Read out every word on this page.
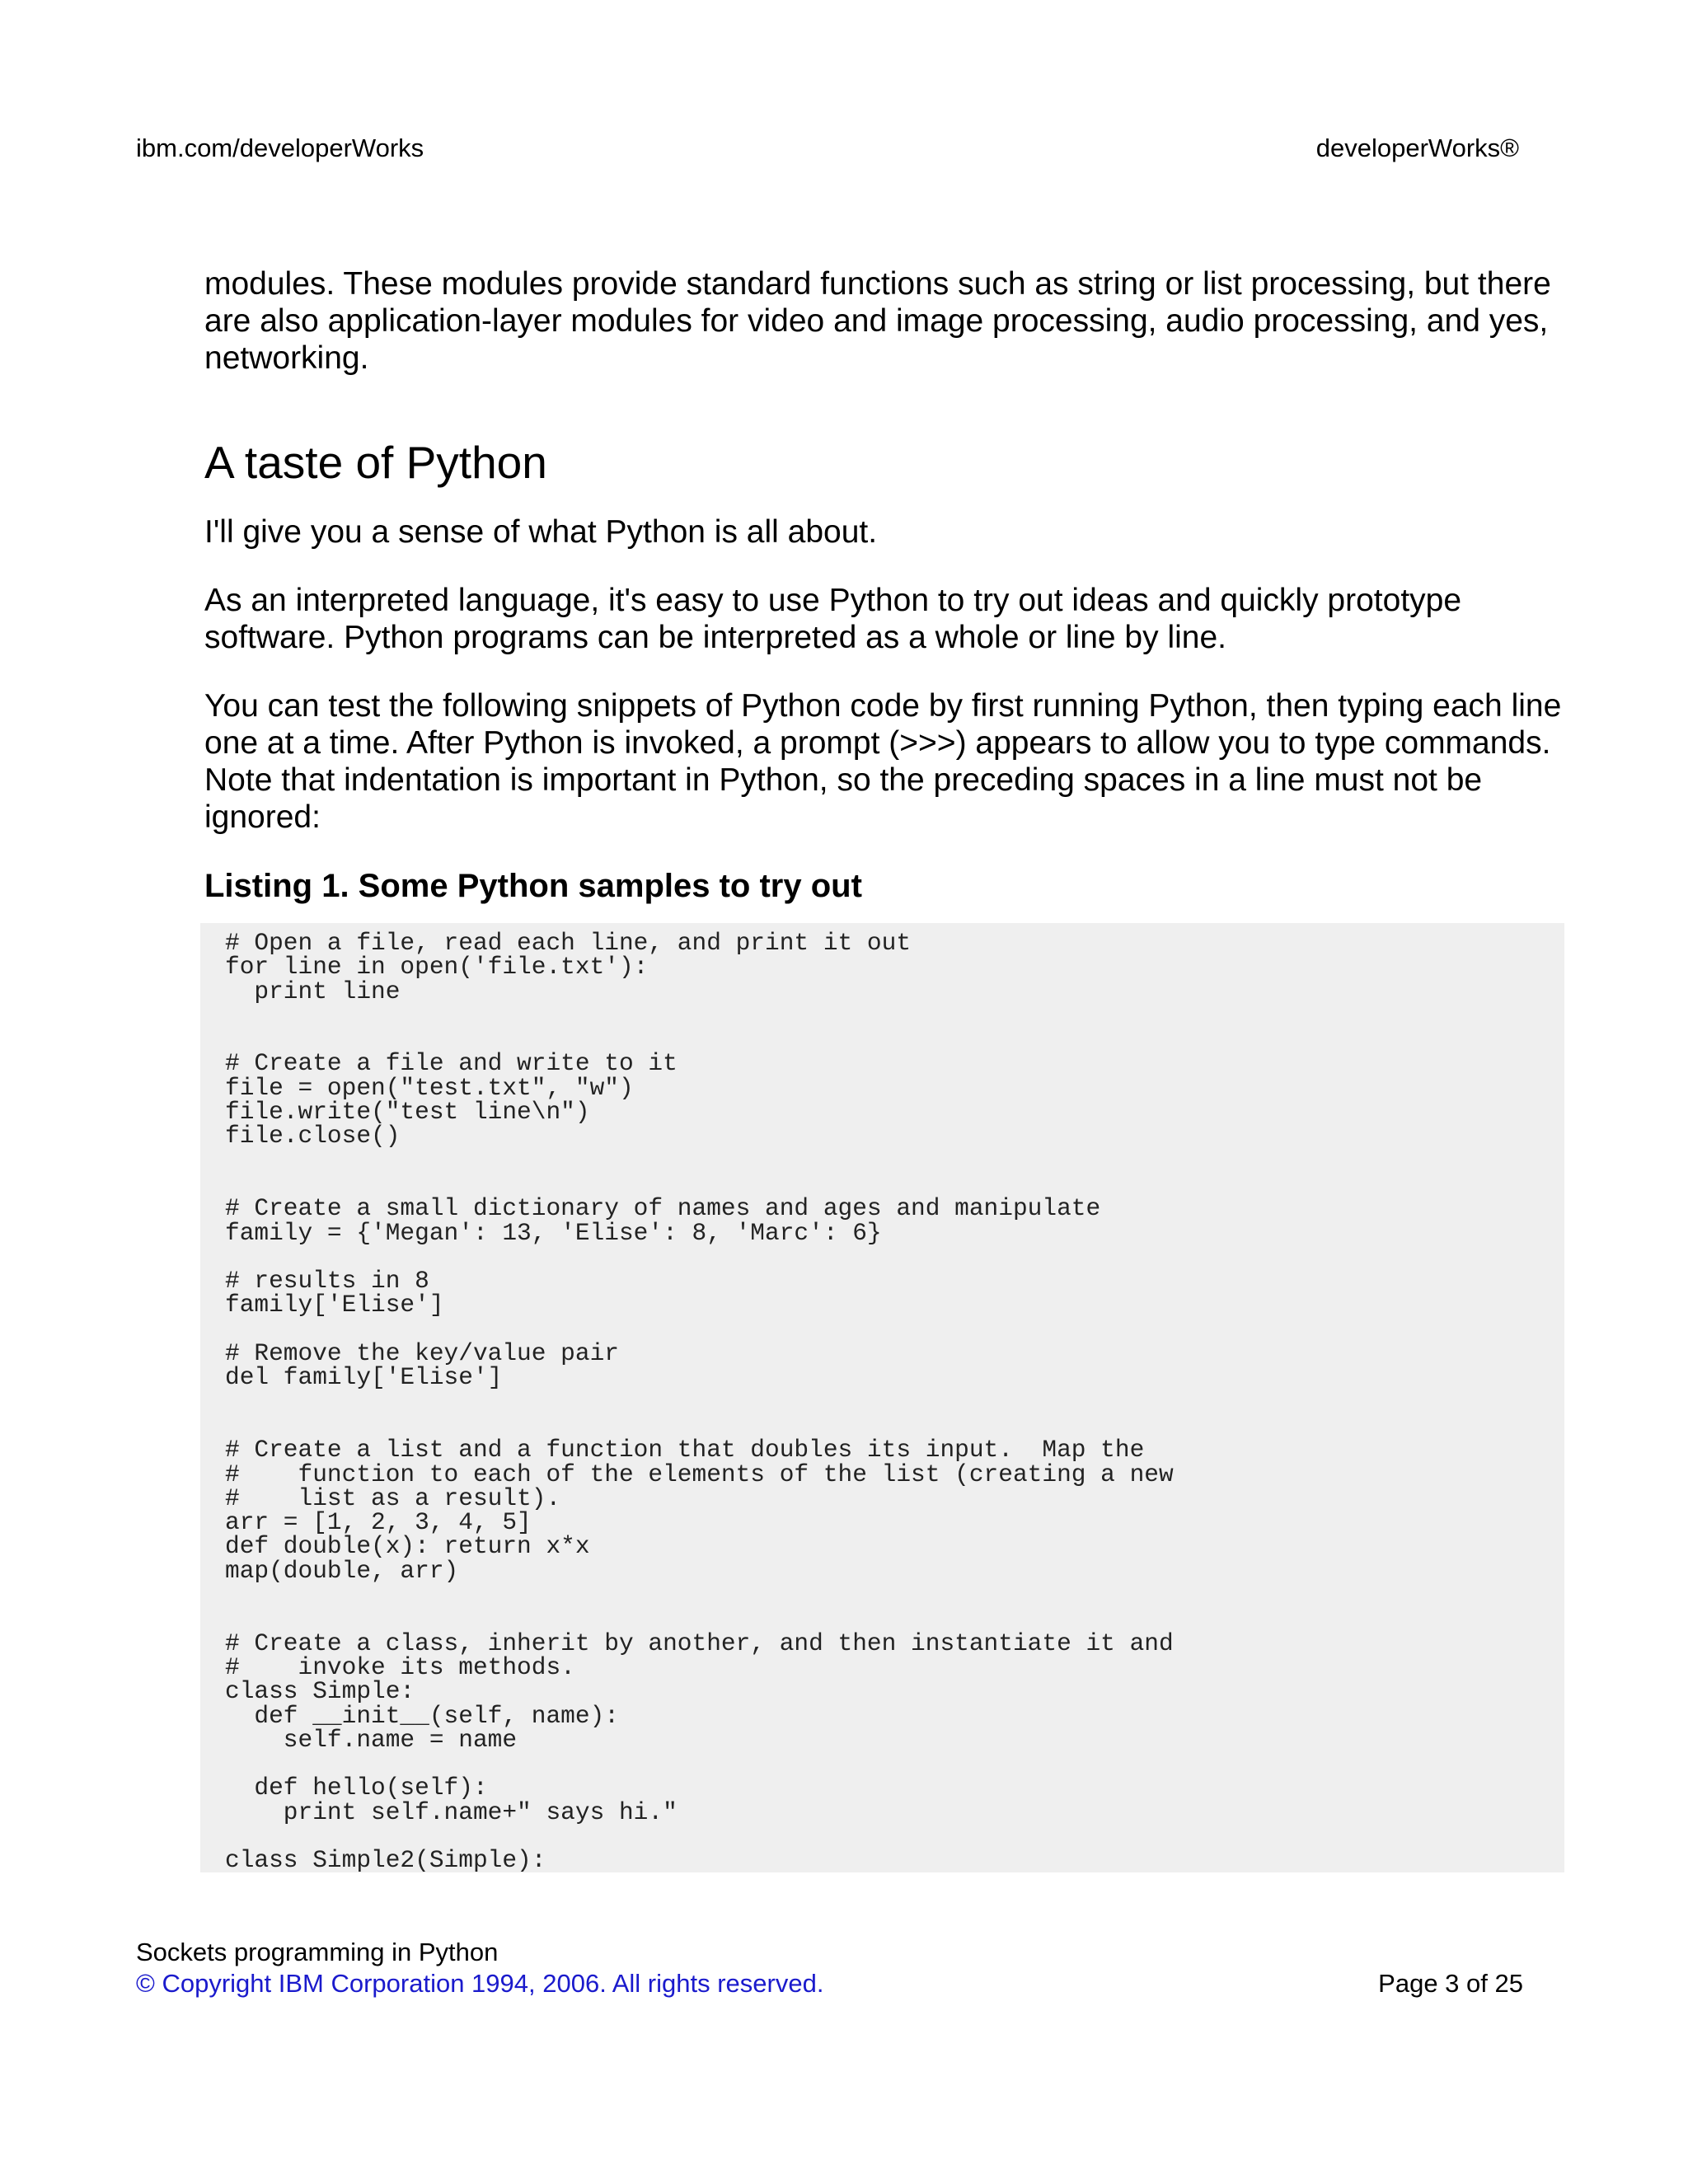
ibm.com/developerWorks	developerWorks®

modules. These modules provide standard functions such as string or list processing, but there are also application-layer modules for video and image processing, audio processing, and yes, networking.

A taste of Python

I'll give you a sense of what Python is all about.

As an interpreted language, it's easy to use Python to try out ideas and quickly prototype software. Python programs can be interpreted as a whole or line by line.

You can test the following snippets of Python code by first running Python, then typing each line one at a time. After Python is invoked, a prompt (>>>) appears to allow you to type commands. Note that indentation is important in Python, so the preceding spaces in a line must not be ignored:

Listing 1. Some Python samples to try out
# Open a file, read each line, and print it out
for line in open('file.txt'):
print line
# Create a file and write to it
file = open("test.txt", "w")
file.write("test line\n")
file.close()
# Create a small dictionary of names and ages and manipulate
family = {'Megan': 13, 'Elise': 8, 'Marc': 6}
# results in 8
family['Elise']
# Remove the key/value pair
del family['Elise']
# Create a list and a function that doubles its input.  Map the
#    function to each of the elements of the list (creating a new
#    list as a result).
arr = [1, 2, 3, 4, 5]
def double(x): return x*x
map(double, arr)
# Create a class, inherit by another, and then instantiate it and
#    invoke its methods.
class Simple:
def __init__(self, name):
self.name = name
def hello(self):
print self.name+" says hi."
class Simple2(Simple):
Sockets programming in Python
© Copyright IBM Corporation 1994, 2006. All rights reserved.	Page 3 of 25
